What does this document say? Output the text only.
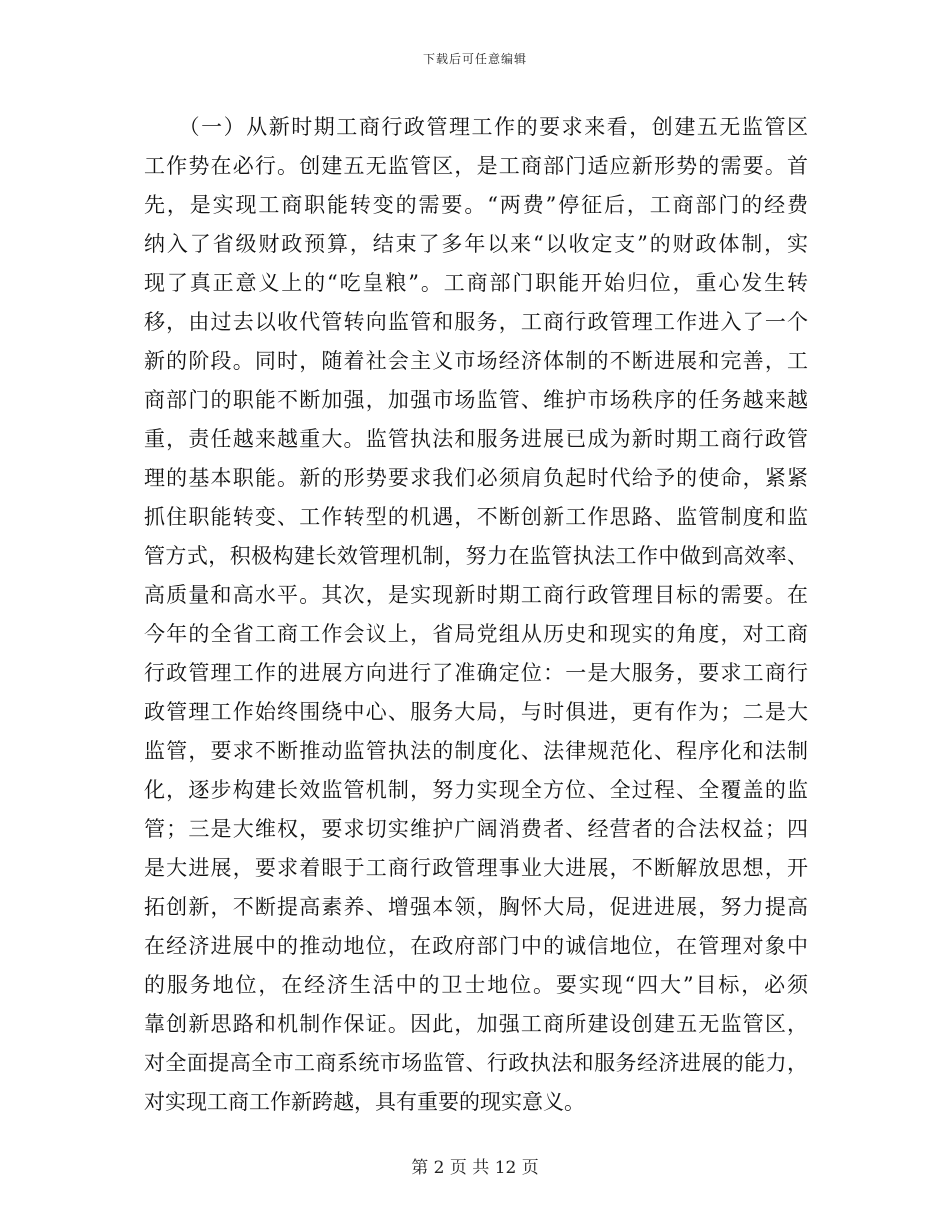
下载后可任意编辑
　　（一）从新时期工商行政管理工作的要求来看，创建五无监管区
工作势在必行。创建五无监管区，是工商部门适应新形势的需要。首
先，是实现工商职能转变的需要。“两费”停征后，工商部门的经费
纳入了省级财政预算，结束了多年以来“以收定支”的财政体制，实
现了真正意义上的“吃皇粮”。工商部门职能开始归位，重心发生转
移，由过去以收代管转向监管和服务，工商行政管理工作进入了一个
新的阶段。同时，随着社会主义市场经济体制的不断进展和完善，工
商部门的职能不断加强，加强市场监管、维护市场秩序的任务越来越
重，责任越来越重大。监管执法和服务进展已成为新时期工商行政管
理的基本职能。新的形势要求我们必须肩负起时代给予的使命，紧紧
抓住职能转变、工作转型的机遇，不断创新工作思路、监管制度和监
管方式，积极构建长效管理机制，努力在监管执法工作中做到高效率、
高质量和高水平。其次，是实现新时期工商行政管理目标的需要。在
今年的全省工商工作会议上，省局党组从历史和现实的角度，对工商
行政管理工作的进展方向进行了准确定位：一是大服务，要求工商行
政管理工作始终围绕中心、服务大局，与时俱进，更有作为；二是大
监管，要求不断推动监管执法的制度化、法律规范化、程序化和法制
化，逐步构建长效监管机制，努力实现全方位、全过程、全覆盖的监
管；三是大维权，要求切实维护广阔消费者、经营者的合法权益；四
是大进展，要求着眼于工商行政管理事业大进展，不断解放思想，开
拓创新，不断提高素养、增强本领，胸怀大局，促进进展，努力提高
在经济进展中的推动地位，在政府部门中的诚信地位，在管理对象中
的服务地位，在经济生活中的卫士地位。要实现“四大”目标，必须
靠创新思路和机制作保证。因此，加强工商所建设创建五无监管区，
对全面提高全市工商系统市场监管、行政执法和服务经济进展的能力，
对实现工商工作新跨越，具有重要的现实意义。
第 2 页 共 12 页
